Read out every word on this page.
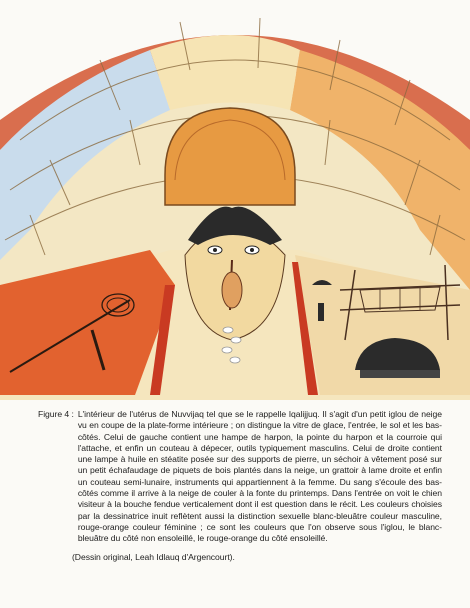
Figure 4 : L'intérieur de l'utérus de Nuvvijaq tel que se le rappelle Iqalijjuq. Il s'agit d'un petit iglou de neige vu en coupe de la plate-forme intérieure ; on distingue la vitre de glace, l'entrée, le sol et les bas-côtés. Celui de gauche contient une hampe de harpon, la pointe du harpon et la courroie qui l'attache, et enfin un couteau à dépecer, outils typiquement masculins. Celui de droite contient une lampe à huile en stéatite posée sur des supports de pierre, un séchoir à vêtement posé sur un petit échafaudage de piquets de bois plantés dans la neige, un grattoir à lame droite et enfin un couteau semi-lunaire, instruments qui appartiennent à la femme. Du sang s'écoule des bas-côtés comme il arrive à la neige de couler à la fonte du printemps. Dans l'entrée on voit le chien visiteur à la bouche fendue verticalement dont il est question dans le récit. Les couleurs choisies par la dessinatrice inuit reflètent aussi la distinction sexuelle blanc-bleuâtre couleur masculine, rouge-orange couleur féminine ; ce sont les couleurs que l'on observe sous l'iglou, le blanc-bleuâtre du côté non ensoleillé, le rouge-orange du côté ensoleillé.
(Dessin original, Leah Idlauq d'Argencourt).
